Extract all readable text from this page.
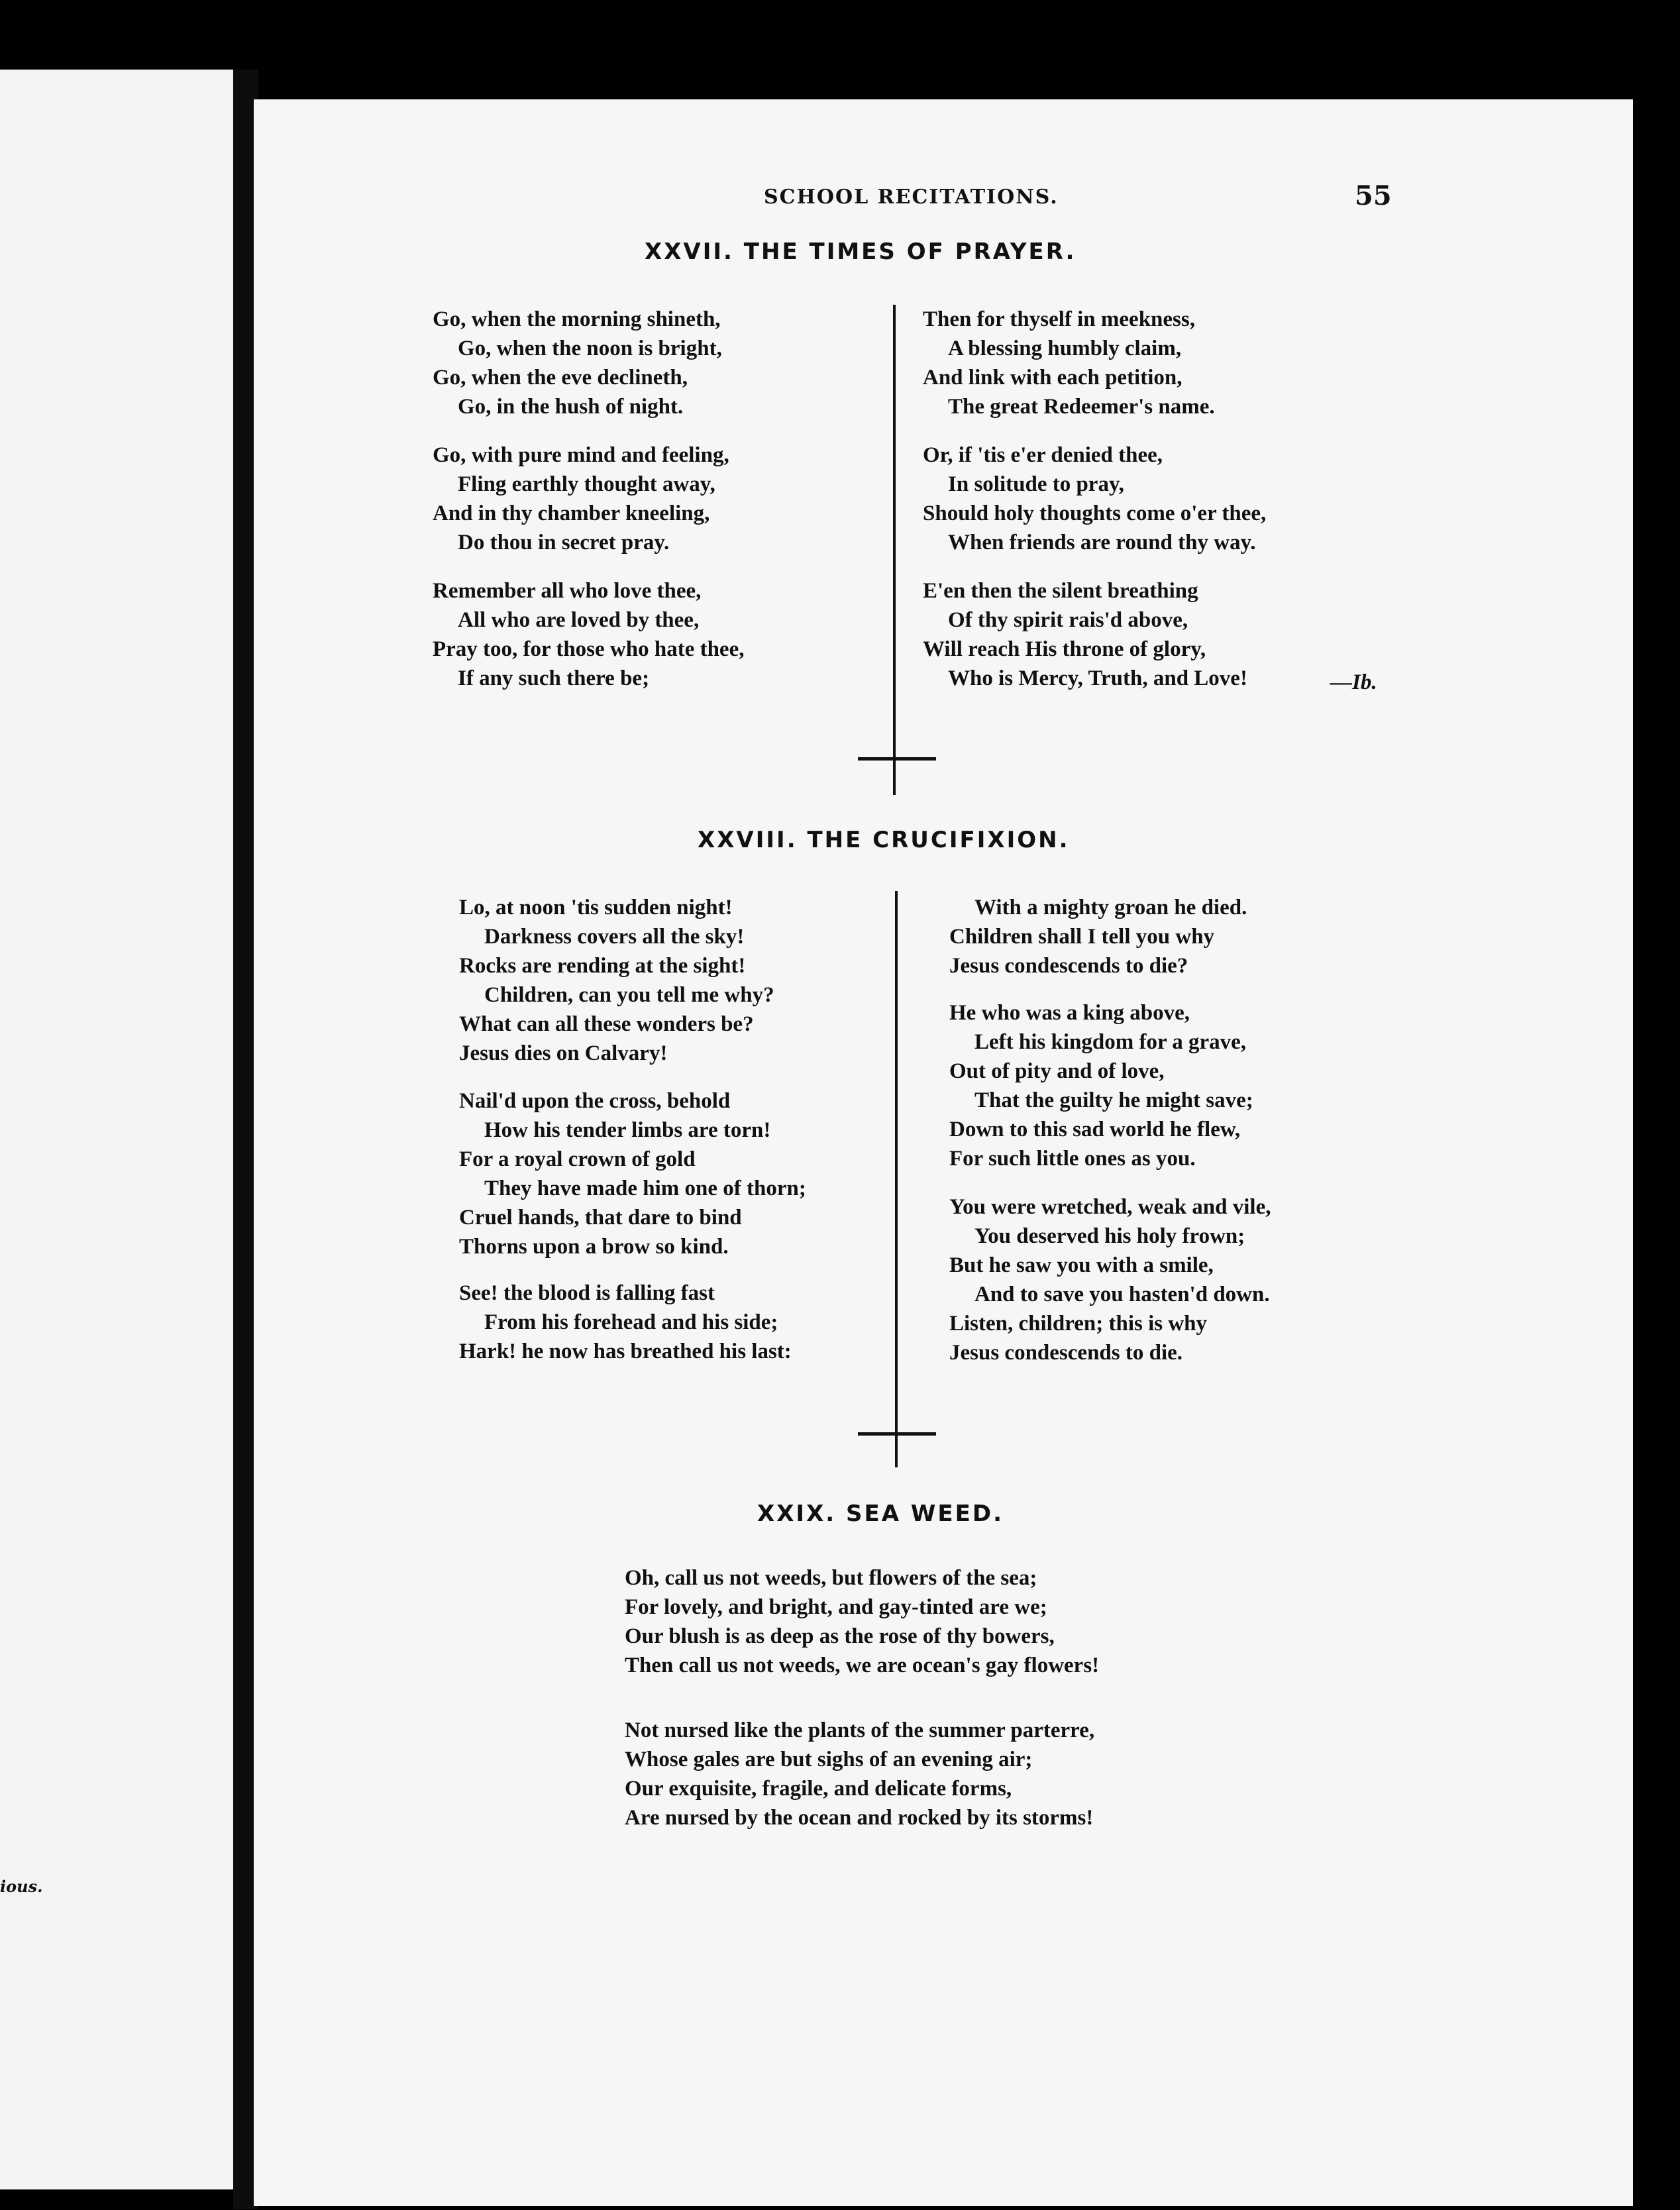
ious.
SCHOOL RECITATIONS.	55
XXVII. THE TIMES OF PRAYER.
Go, when the morning shineth,
Go, when the noon is bright,
Go, when the eve declineth,
Go, in the hush of night.
Go, with pure mind and feeling,
Fling earthly thought away,
And in thy chamber kneeling,
Do thou in secret pray.
Remember all who love thee,
All who are loved by thee,
Pray too, for those who hate thee,
If any such there be;
Then for thyself in meekness,
A blessing humbly claim,
And link with each petition,
The great Redeemer's name.
Or, if 'tis e'er denied thee,
In solitude to pray,
Should holy thoughts come o'er thee,
When friends are round thy way.
E'en then the silent breathing
Of thy spirit rais'd above,
Will reach His throne of glory,
Who is Mercy, Truth, and Love!	—Ib.
XXVIII. THE CRUCIFIXION.
Lo, at noon 'tis sudden night!
Darkness covers all the sky!
Rocks are rending at the sight!
Children, can you tell me why?
What can all these wonders be?
Jesus dies on Calvary!
Nail'd upon the cross, behold
How his tender limbs are torn!
For a royal crown of gold
They have made him one of thorn;
Cruel hands, that dare to bind
Thorns upon a brow so kind.
See! the blood is falling fast
From his forehead and his side;
Hark! he now has breathed his last:
With a mighty groan he died.
Children shall I tell you why
Jesus condescends to die?
He who was a king above,
Left his kingdom for a grave,
Out of pity and of love,
That the guilty he might save;
Down to this sad world he flew,
For such little ones as you.
You were wretched, weak and vile,
You deserved his holy frown;
But he saw you with a smile,
And to save you hasten'd down.
Listen, children; this is why
Jesus condescends to die.
XXIX. SEA WEED.
Oh, call us not weeds, but flowers of the sea;
For lovely, and bright, and gay-tinted are we;
Our blush is as deep as the rose of thy bowers,
Then call us not weeds, we are ocean's gay flowers!
Not nursed like the plants of the summer parterre,
Whose gales are but sighs of an evening air;
Our exquisite, fragile, and delicate forms,
Are nursed by the ocean and rocked by its storms!
